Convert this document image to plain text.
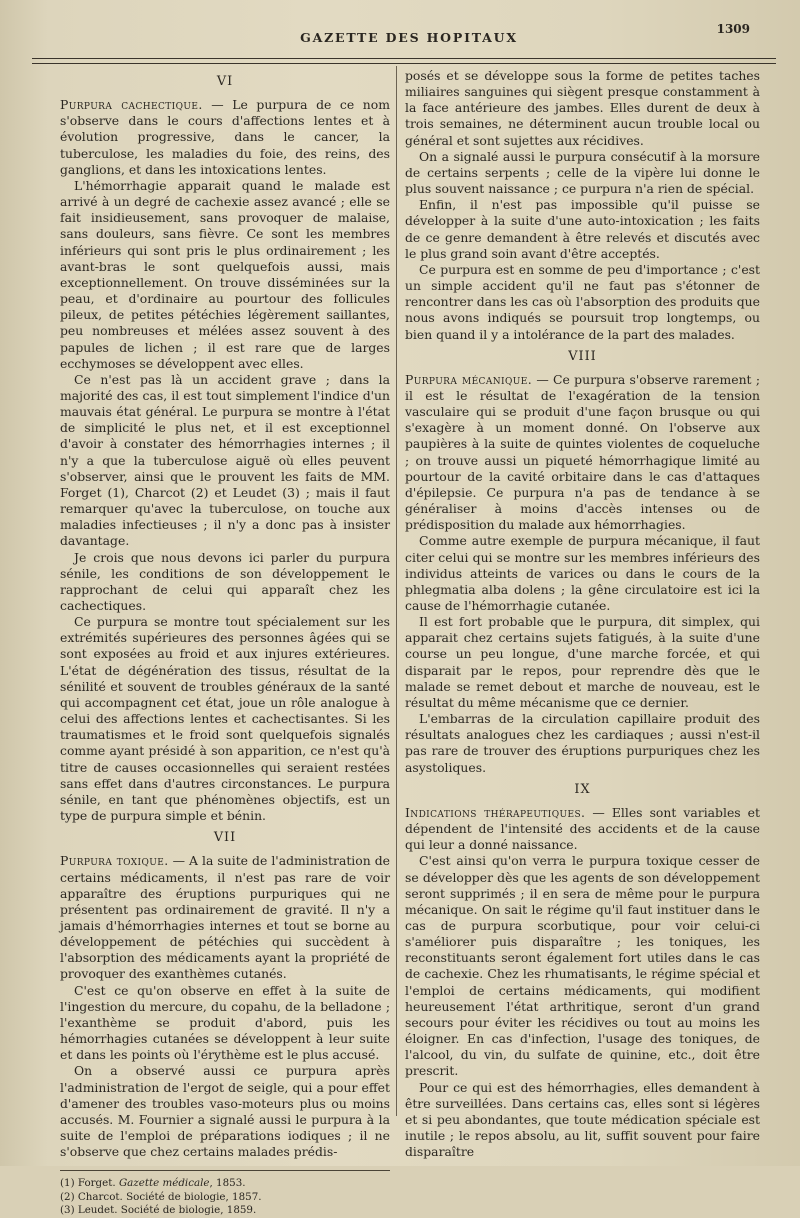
GAZETTE DES HOPITAUX
1309
VI

Purpura cachectique. — Le purpura de ce nom s'observe dans le cours d'affections lentes et à évolution progressive, dans le cancer, la tuberculose, les maladies du foie, des reins, des ganglions, et dans les intoxications lentes.

L'hémorrhagie apparait quand le malade est arrivé à un degré de cachexie assez avancé ; elle se fait insidieusement, sans provoquer de malaise, sans douleurs, sans fièvre. Ce sont les membres inférieurs qui sont pris le plus ordinairement ; les avant-bras le sont quelquefois aussi, mais exceptionnellement. On trouve disséminées sur la peau, et d'ordinaire au pourtour des follicules pileux, de petites pétéchies légèrement saillantes, peu nombreuses et mélées assez souvent à des papules de lichen ; il est rare que de larges ecchymoses se développent avec elles.

Ce n'est pas là un accident grave ; dans la majorité des cas, il est tout simplement l'indice d'un mauvais état général. Le purpura se montre à l'état de simplicité le plus net, et il est exceptionnel d'avoir à constater des hémorrhagies internes ; il n'y a que la tuberculose aiguë où elles peuvent s'observer, ainsi que le prouvent les faits de MM. Forget (1), Charcot (2) et Leudet (3) ; mais il faut remarquer qu'avec la tuberculose, on touche aux maladies infectieuses ; il n'y a donc pas à insister davantage.

Je crois que nous devons ici parler du purpura sénile, les conditions de son développement le rapprochant de celui qui apparaît chez les cachectiques.

Ce purpura se montre tout spécialement sur les extrémités supérieures des personnes âgées qui se sont exposées au froid et aux injures extérieures. L'état de dégénération des tissus, résultat de la sénilité et souvent de troubles généraux de la santé qui accompagnent cet état, joue un rôle analogue à celui des affections lentes et cachectisantes. Si les traumatismes et le froid sont quelquefois signalés comme ayant présidé à son apparition, ce n'est qu'à titre de causes occasionnelles qui seraient restées sans effet dans d'autres circonstances. Le purpura sénile, en tant que phénomènes objectifs, est un type de purpura simple et bénin.

VII

Purpura toxique. — A la suite de l'administration de certains médicaments, il n'est pas rare de voir apparaître des éruptions purpuriques qui ne présentent pas ordinairement de gravité. Il n'y a jamais d'hémorrhagies internes et tout se borne au développement de pétéchies qui succèdent à l'absorption des médicaments ayant la propriété de provoquer des exanthèmes cutanés.

C'est ce qu'on observe en effet à la suite de l'ingestion du mercure, du copahu, de la belladone ; l'exanthème se produit d'abord, puis les hémorrhagies cutanées se développent à leur suite et dans les points où l'érythème est le plus accusé.

On a observé aussi ce purpura après l'administration de l'ergot de seigle, qui a pour effet d'amener des troubles vaso-moteurs plus ou moins accusés. M. Fournier a signalé aussi le purpura à la suite de l'emploi de préparations iodiques ; il ne s'observe que chez certains malades prédis-

(1) Forget. Gazette médicale, 1853.

(2) Charcot. Société de biologie, 1857.

(3) Leudet. Société de biologie, 1859.

posés et se développe sous la forme de petites taches miliaires sanguines qui siègent presque constamment à la face antérieure des jambes. Elles durent de deux à trois semaines, ne déterminent aucun trouble local ou général et sont sujettes aux récidives.

On a signalé aussi le purpura consécutif à la morsure de certains serpents ; celle de la vipère lui donne le plus souvent naissance ; ce purpura n'a rien de spécial.

Enfin, il n'est pas impossible qu'il puisse se développer à la suite d'une auto-intoxication ; les faits de ce genre demandent à être relevés et discutés avec le plus grand soin avant d'être acceptés.

Ce purpura est en somme de peu d'importance ; c'est un simple accident qu'il ne faut pas s'étonner de rencontrer dans les cas où l'absorption des produits que nous avons indiqués se poursuit trop longtemps, ou bien quand il y a intolérance de la part des malades.

VIII

Purpura mécanique. — Ce purpura s'observe rarement ; il est le résultat de l'exagération de la tension vasculaire qui se produit d'une façon brusque ou qui s'exagère à un moment donné. On l'observe aux paupières à la suite de quintes violentes de coqueluche ; on trouve aussi un piqueté hémorrhagique limité au pourtour de la cavité orbitaire dans le cas d'attaques d'épilepsie. Ce purpura n'a pas de tendance à se généraliser à moins d'accès intenses ou de prédisposition du malade aux hémorrhagies.

Comme autre exemple de purpura mécanique, il faut citer celui qui se montre sur les membres inférieurs des individus atteints de varices ou dans le cours de la phlegmatia alba dolens ; la gêne circulatoire est ici la cause de l'hémorrhagie cutanée.

Il est fort probable que le purpura, dit simplex, qui apparait chez certains sujets fatigués, à la suite d'une course un peu longue, d'une marche forcée, et qui disparait par le repos, pour reprendre dès que le malade se remet debout et marche de nouveau, est le résultat du même mécanisme que ce dernier.

L'embarras de la circulation capillaire produit des résultats analogues chez les cardiaques ; aussi n'est-il pas rare de trouver des éruptions purpuriques chez les asystoliques.

IX

Indications thérapeutiques. — Elles sont variables et dépendent de l'intensité des accidents et de la cause qui leur a donné naissance.

C'est ainsi qu'on verra le purpura toxique cesser de se développer dès que les agents de son développement seront supprimés ; il en sera de même pour le purpura mécanique. On sait le régime qu'il faut instituer dans le cas de purpura scorbutique, pour voir celui-ci s'améliorer puis disparaître ; les toniques, les reconstituants seront également fort utiles dans le cas de cachexie. Chez les rhumatisants, le régime spécial et l'emploi de certains médicaments, qui modifient heureusement l'état arthritique, seront d'un grand secours pour éviter les récidives ou tout au moins les éloigner. En cas d'infection, l'usage des toniques, de l'alcool, du vin, du sulfate de quinine, etc., doit être prescrit.

Pour ce qui est des hémorrhagies, elles demandent à être surveillées. Dans certains cas, elles sont si légères et si peu abondantes, que toute médication spéciale est inutile ; le repos absolu, au lit, suffit souvent pour faire disparaître
